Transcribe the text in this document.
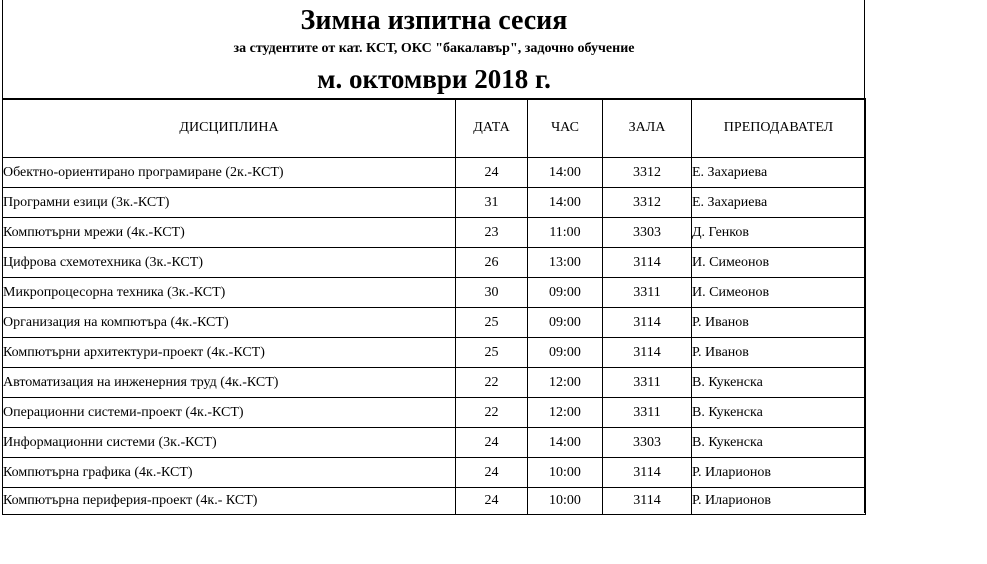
Зимна изпитна сесия
за студентите от кат. КСТ, ОКС "бакалавър", задочно обучение
м. октомври 2018 г.
ДИСЦИПЛИНА	ДАТА	ЧАС	ЗАЛА	ПРЕПОДАВАТЕЛ
Обектно-ориентирано програмиране (2к.-КСТ)	24	14:00	3312	Е. Захариева
Програмни езици (3к.-КСТ)	31	14:00	3312	Е. Захариева
Компютърни мрежи (4к.-КСТ)	23	11:00	3303	Д. Генков
Цифрова схемотехника (3к.-КСТ)	26	13:00	3114	И. Симеонов
Микропроцесорна техника (3к.-КСТ)	30	09:00	3311	И. Симеонов
Организация на компютъра (4к.-КСТ)	25	09:00	3114	Р. Иванов
Компютърни архитектури-проект (4к.-КСТ)	25	09:00	3114	Р. Иванов
Автоматизация на инженерния труд (4к.-КСТ)	22	12:00	3311	В. Кукенска
Операционни системи-проект (4к.-КСТ)	22	12:00	3311	В. Кукенска
Информационни системи (3к.-КСТ)	24	14:00	3303	В. Кукенска
Компютърна графика (4к.-КСТ)	24	10:00	3114	Р. Иларионов
Компютърна периферия-проект (4к.- КСТ)	24	10:00	3114	Р. Иларионов
